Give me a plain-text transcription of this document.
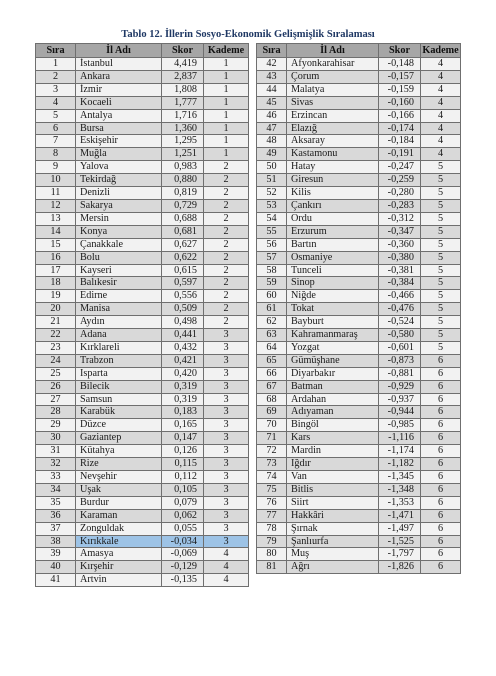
Tablo 12. İllerin Sosyo-Ekonomik Gelişmişlik Sıralaması
Sıra	İl Adı	Skor	Kademe
1	İstanbul	4,419	1
2	Ankara	2,837	1
3	İzmir	1,808	1
4	Kocaeli	1,777	1
5	Antalya	1,716	1
6	Bursa	1,360	1
7	Eskişehir	1,295	1
8	Muğla	1,251	1
9	Yalova	0,983	2
10	Tekirdağ	0,880	2
11	Denizli	0,819	2
12	Sakarya	0,729	2
13	Mersin	0,688	2
14	Konya	0,681	2
15	Çanakkale	0,627	2
16	Bolu	0,622	2
17	Kayseri	0,615	2
18	Balıkesir	0,597	2
19	Edirne	0,556	2
20	Manisa	0,509	2
21	Aydın	0,498	2
22	Adana	0,441	3
23	Kırklareli	0,432	3
24	Trabzon	0,421	3
25	Isparta	0,420	3
26	Bilecik	0,319	3
27	Samsun	0,319	3
28	Karabük	0,183	3
29	Düzce	0,165	3
30	Gaziantep	0,147	3
31	Kütahya	0,126	3
32	Rize	0,115	3
33	Nevşehir	0,112	3
34	Uşak	0,105	3
35	Burdur	0,079	3
36	Karaman	0,062	3
37	Zonguldak	0,055	3
38	Kırıkkale	-0,034	3
39	Amasya	-0,069	4
40	Kırşehir	-0,129	4
41	Artvin	-0,135	4
Sıra	İl Adı	Skor	Kademe
42	Afyonkarahisar	-0,148	4
43	Çorum	-0,157	4
44	Malatya	-0,159	4
45	Sivas	-0,160	4
46	Erzincan	-0,166	4
47	Elazığ	-0,174	4
48	Aksaray	-0,184	4
49	Kastamonu	-0,191	4
50	Hatay	-0,247	5
51	Giresun	-0,259	5
52	Kilis	-0,280	5
53	Çankırı	-0,283	5
54	Ordu	-0,312	5
55	Erzurum	-0,347	5
56	Bartın	-0,360	5
57	Osmaniye	-0,380	5
58	Tunceli	-0,381	5
59	Sinop	-0,384	5
60	Niğde	-0,466	5
61	Tokat	-0,476	5
62	Bayburt	-0,524	5
63	Kahramanmaraş	-0,580	5
64	Yozgat	-0,601	5
65	Gümüşhane	-0,873	6
66	Diyarbakır	-0,881	6
67	Batman	-0,929	6
68	Ardahan	-0,937	6
69	Adıyaman	-0,944	6
70	Bingöl	-0,985	6
71	Kars	-1,116	6
72	Mardin	-1,174	6
73	Iğdır	-1,182	6
74	Van	-1,345	6
75	Bitlis	-1,348	6
76	Siirt	-1,353	6
77	Hakkâri	-1,471	6
78	Şırnak	-1,497	6
79	Şanlıurfa	-1,525	6
80	Muş	-1,797	6
81	Ağrı	-1,826	6
